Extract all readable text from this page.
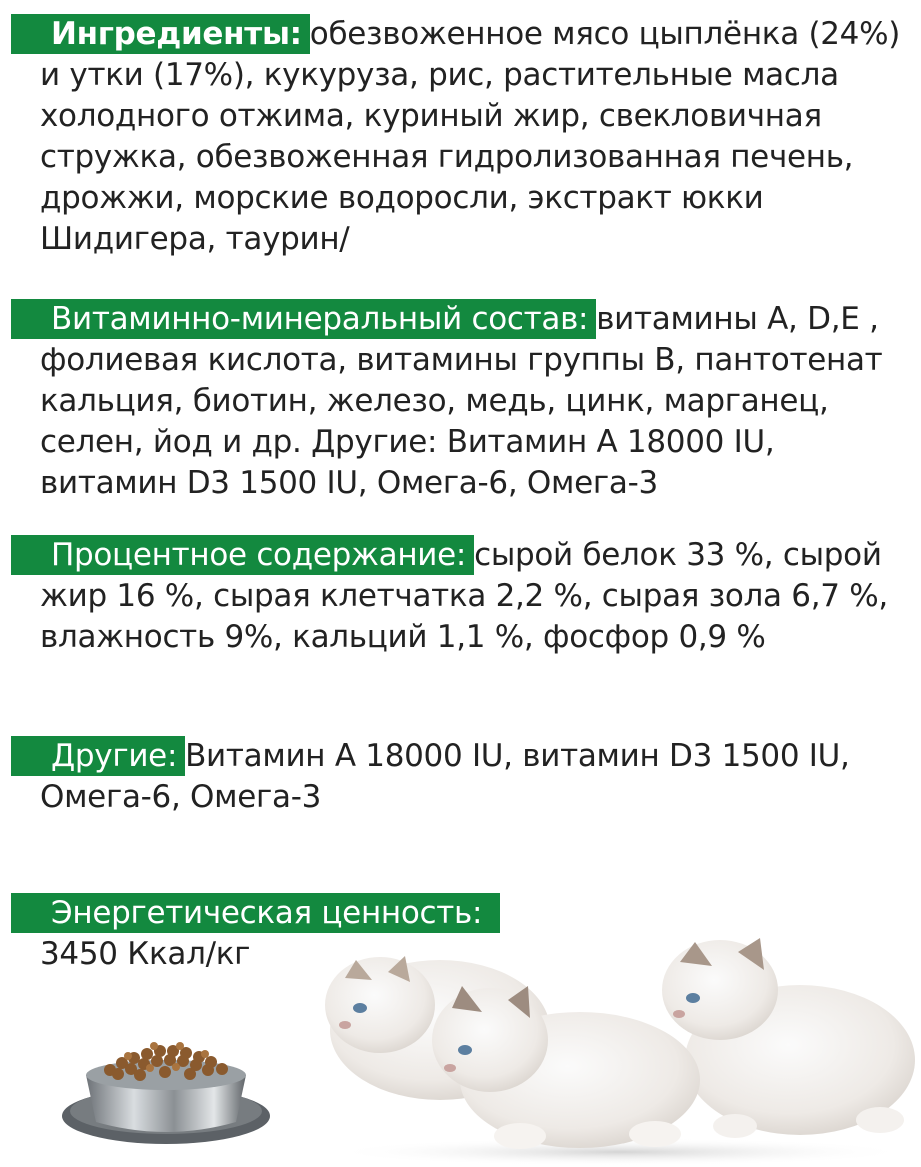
Ингредиенты: обезвоженное мясо цыплёнка (24%) и утки (17%), кукуруза, рис, растительные масла холодного отжима, куриный жир, свекловичная стружка, обезвоженная гидролизованная печень, дрожжи, морские водоросли, экстракт юкки Шидигера, таурин/
Витаминно-минеральный состав: витамины A, D,E , фолиевая кислота, витамины группы B, пантотенат кальция, биотин, железо, медь, цинк, марганец, селен, йод и др. Другие: Витамин A 18000 IU, витамин D3 1500 IU, Омега-6, Омега-3
Процентное содержание: сырой белок 33 %, сырой жир 16 %, сырая клетчатка 2,2 %, сырая зола 6,7 %, влажность 9%, кальций 1,1 %, фосфор 0,9 %
Другие: Витамин A 18000 IU, витамин D3 1500 IU, Омега-6, Омега-3
Энергетическая ценность:
3450 Ккал/кг
